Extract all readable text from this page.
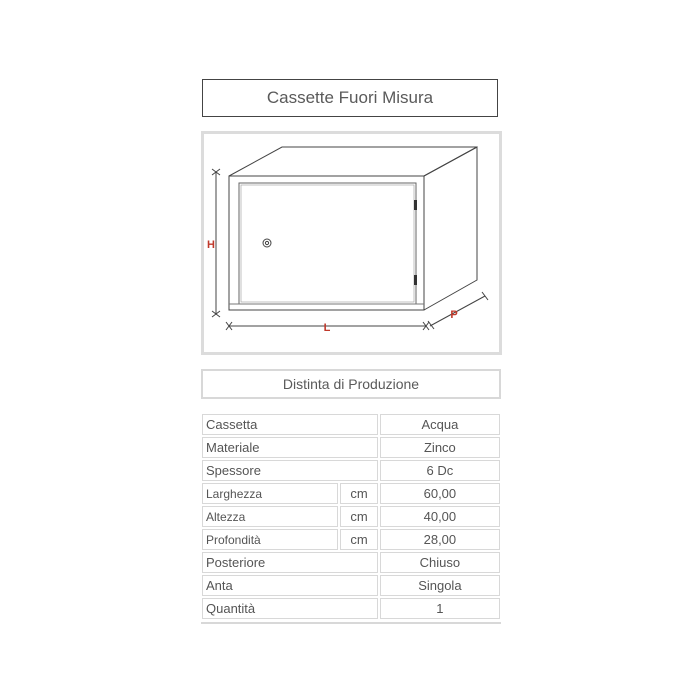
Cassette Fuori Misura
H
L
P
Distinta di Produzione
Cassetta		Acqua
Materiale		Zinco
Spessore		6 Dc
Larghezza	cm	60,00
Altezza	cm	40,00
Profondità	cm	28,00
Posteriore		Chiuso
Anta		Singola
Quantità		1
